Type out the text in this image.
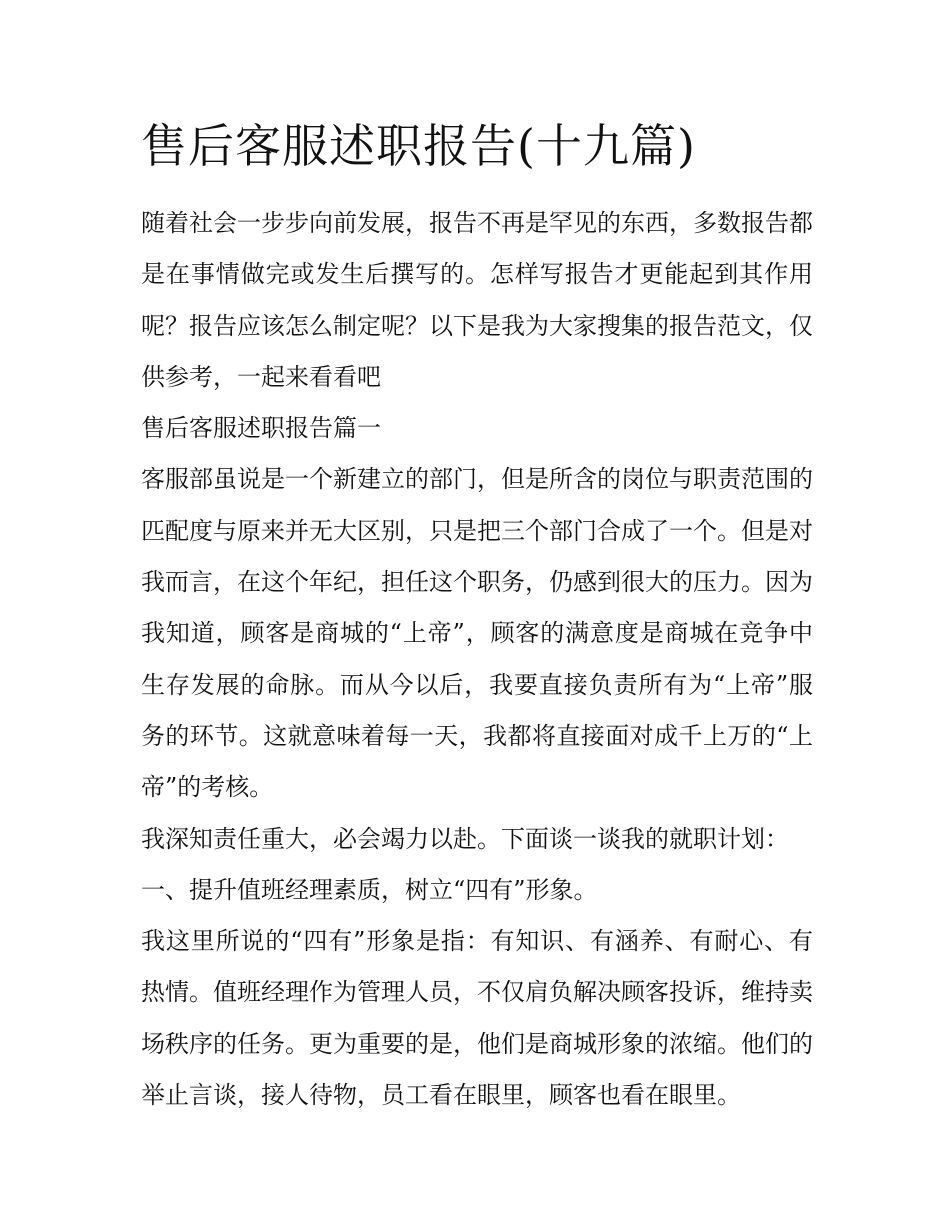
售后客服述职报告(十九篇)

随着社会一步步向前发展，报告不再是罕见的东西，多数报告都是在事情做完或发生后撰写的。怎样写报告才更能起到其作用呢？报告应该怎么制定呢？以下是我为大家搜集的报告范文，仅供参考，一起来看看吧

售后客服述职报告篇一

客服部虽说是一个新建立的部门，但是所含的岗位与职责范围的匹配度与原来并无大区别，只是把三个部门合成了一个。但是对我而言，在这个年纪，担任这个职务，仍感到很大的压力。因为我知道，顾客是商城的“上帝”，顾客的满意度是商城在竞争中生存发展的命脉。而从今以后，我要直接负责所有为“上帝”服务的环节。这就意味着每一天，我都将直接面对成千上万的“上帝”的考核。

我深知责任重大，必会竭力以赴。下面谈一谈我的就职计划：

一、提升值班经理素质，树立“四有”形象。

我这里所说的“四有”形象是指：有知识、有涵养、有耐心、有热情。值班经理作为管理人员，不仅肩负解决顾客投诉，维持卖场秩序的任务。更为重要的是，他们是商城形象的浓缩。他们的举止言谈，接人待物，员工看在眼里，顾客也看在眼里。
